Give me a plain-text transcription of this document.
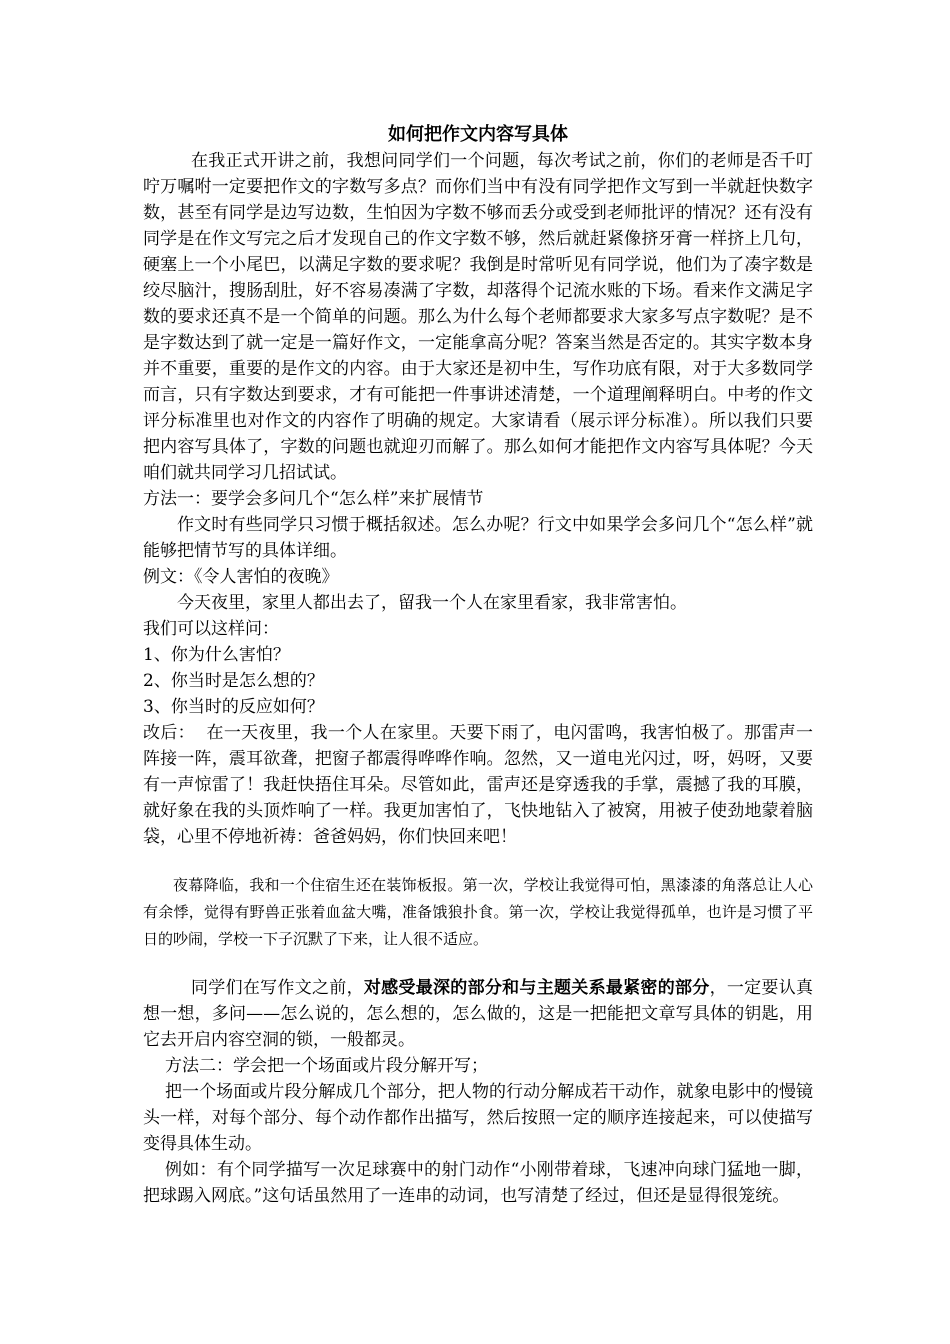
如何把作文内容写具体

在我正式开讲之前，我想问同学们一个问题，每次考试之前，你们的老师是否千叮咛万嘱咐一定要把作文的字数写多点？而你们当中有没有同学把作文写到一半就赶快数字数，甚至有同学是边写边数，生怕因为字数不够而丢分或受到老师批评的情况？还有没有同学是在作文写完之后才发现自己的作文字数不够，然后就赶紧像挤牙膏一样挤上几句，硬塞上一个小尾巴，以满足字数的要求呢？我倒是时常听见有同学说，他们为了凑字数是绞尽脑汁，搜肠刮肚，好不容易凑满了字数，却落得个记流水账的下场。看来作文满足字数的要求还真不是一个简单的问题。那么为什么每个老师都要求大家多写点字数呢？是不是字数达到了就一定是一篇好作文，一定能拿高分呢？答案当然是否定的。其实字数本身并不重要，重要的是作文的内容。由于大家还是初中生，写作功底有限，对于大多数同学而言，只有字数达到要求，才有可能把一件事讲述清楚，一个道理阐释明白。中考的作文评分标准里也对作文的内容作了明确的规定。大家请看（展示评分标准）。所以我们只要把内容写具体了，字数的问题也就迎刃而解了。那么如何才能把作文内容写具体呢？今天咱们就共同学习几招试试。

方法一：要学会多问几个“怎么样”来扩展情节

作文时有些同学只习惯于概括叙述。怎么办呢？行文中如果学会多问几个“怎么样”就能够把情节写的具体详细。

例文：《令人害怕的夜晚》

今天夜里，家里人都出去了，留我一个人在家里看家，我非常害怕。

我们可以这样问：

1、你为什么害怕？

2、你当时是怎么想的？

3、你当时的反应如何？

改后：  在一天夜里，我一个人在家里。天要下雨了，电闪雷鸣，我害怕极了。那雷声一阵接一阵，震耳欲聋，把窗子都震得哗哗作响。忽然，又一道电光闪过，呀，妈呀，又要有一声惊雷了！我赶快捂住耳朵。尽管如此，雷声还是穿透我的手掌，震撼了我的耳膜，就好象在我的头顶炸响了一样。我更加害怕了，飞快地钻入了被窝，用被子使劲地蒙着脑袋，心里不停地祈祷：爸爸妈妈，你们快回来吧！

夜幕降临，我和一个住宿生还在装饰板报。第一次，学校让我觉得可怕，黑漆漆的角落总让人心有余悸，觉得有野兽正张着血盆大嘴，准备饿狼扑食。第一次，学校让我觉得孤单，也许是习惯了平日的吵闹，学校一下子沉默了下来，让人很不适应。

同学们在写作文之前，对感受最深的部分和与主题关系最紧密的部分，一定要认真想一想，多问——怎么说的，怎么想的，怎么做的，这是一把能把文章写具体的钥匙，用它去开启内容空洞的锁，一般都灵。

方法二：学会把一个场面或片段分解开写；

把一个场面或片段分解成几个部分，把人物的行动分解成若干动作，就象电影中的慢镜头一样，对每个部分、每个动作都作出描写，然后按照一定的顺序连接起来，可以使描写变得具体生动。

例如：有个同学描写一次足球赛中的射门动作“小刚带着球，飞速冲向球门猛地一脚，把球踢入网底。”这句话虽然用了一连串的动词，也写清楚了经过，但还是显得很笼统。
